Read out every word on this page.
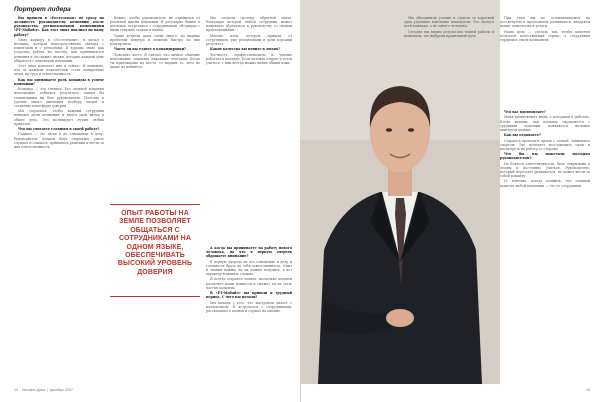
Портрет лидера

Вы пришли в «Ростелеком» не сразу на должность руководителя компании после руководства региональными компаниями «РТ-Мобайл». Как этот опыт повлиял на вашу работу?

Свою карьеру в «Ростелекоме» я начал с позиции, которая непосредственно связана с клиентами и с регионами. Я хорошо знаю, как устроена работа на местах, как принимаются решения и что важно людям, которые каждый день общаются с клиентами компании.

Этот опыт помогает мне и сейчас. Я понимаю, что за каждым показателем стоят конкретные люди, их труд и ответственность.

Как вы оцениваете роль команды в успехе компании?

Команда — это главное. Без сильной команды невозможно добиться результата, каким бы талантливым ни был руководитель. Поэтому я уделяю много внимания подбору людей и созданию атмосферы доверия.

Мы стараемся, чтобы каждый сотрудник понимал цели компании и видел свой вклад в общее дело. Это мотивирует лучше любых приказов.

Что вы считаете главным в своей работе?

Главное — это люди и их отношение к делу. Руководитель должен быть открытым, уметь слушать и слышать, принимать решения и нести за них ответственность.

Важно, чтобы руководитель не отрывался от реальной жизни компании. Я регулярно бываю в регионах, встречаюсь с сотрудниками, обсуждаю с ними текущие задачи и планы.

Такие встречи дают очень много: ты видишь проблемы изнутри и можешь быстро на них реагировать.

Часто ли вы ездите в командировки?

Довольно часто. Я считаю, что личное общение невозможно заменить никакими отчетами. Когда ты приезжаешь на место, то видишь то, чего не видно из кабинета.

Мы создали систему обратной связи, благодаря которой любой сотрудник может напрямую обратиться к руководству со своими предложениями.

Многие идеи, которые пришли от сотрудников, уже реализованы и дали хороший результат.

Какие качества вы цените в людях?

Честность, профессионализм и умение работать в команде. Если человек открыт и готов учиться, с ним всегда можно найти общий язык.

ОПЫТ РАБОТЫ НА ЗЕМЛЕ ПОЗВОЛЯЕТ ОБЩАТЬСЯ С СОТРУДНИКАМИ НА ОДНОМ ЯЗЫКЕ, ОБЕСПЕЧИВАТЬ ВЫСОКИЙ УРОВЕНЬ ДОВЕРИЯ

А когда вы принимаете на работу нового человека, на что в первую очередь обращаете внимание?

В первую очередь на его отношение к делу и готовность брать на себя ответственность. Опыт и знания важны, но их можно получить, а вот характер изменить сложно.

Я всегда стараюсь понять, насколько человек разделяет наши ценности и сможет ли он стать частью команды.

В «РТ-Мобайл» вы пришли в трудный период. С чего вы начали?

Мы начали с того, что выстроили диалог с коллективом. Я встречался с сотрудниками, рассказывал о планах и слушал их мнение.

14 Человек Дела  |  декабрь 2007	15

Мы объединили усилия и сумели за короткий срок улучшить ключевые показатели. Это заслуга всей команды, а не одного человека.

Сегодня мы видим результаты нашей работы и понимаем, что выбрали правильный путь.

При этом мы не останавливаемся на достигнутом и продолжаем развиваться, внедряем новые технологии и услуги.

Наша цель — сделать так, чтобы клиенты получали качественный сервис, а сотрудники гордились своей компанией.

Что вас вдохновляет?

Меня вдохновляют люди, с которыми я работаю. Когда видишь, как команда справляется с трудными задачами, появляется желание двигаться дальше.

Как вы отдыхаете?

Стараюсь проводить время с семьей, занимаюсь спортом. Это помогает восстановить силы и посмотреть на работу со стороны.

Что бы вы пожелали молодым руководителям?

Не бояться ответственности, быть открытыми к людям и постоянно учиться. Руководитель, который перестает развиваться, не может вести за собой команду.

И, конечно, всегда помнить, что главный капитал любой компании — это ее сотрудники.
